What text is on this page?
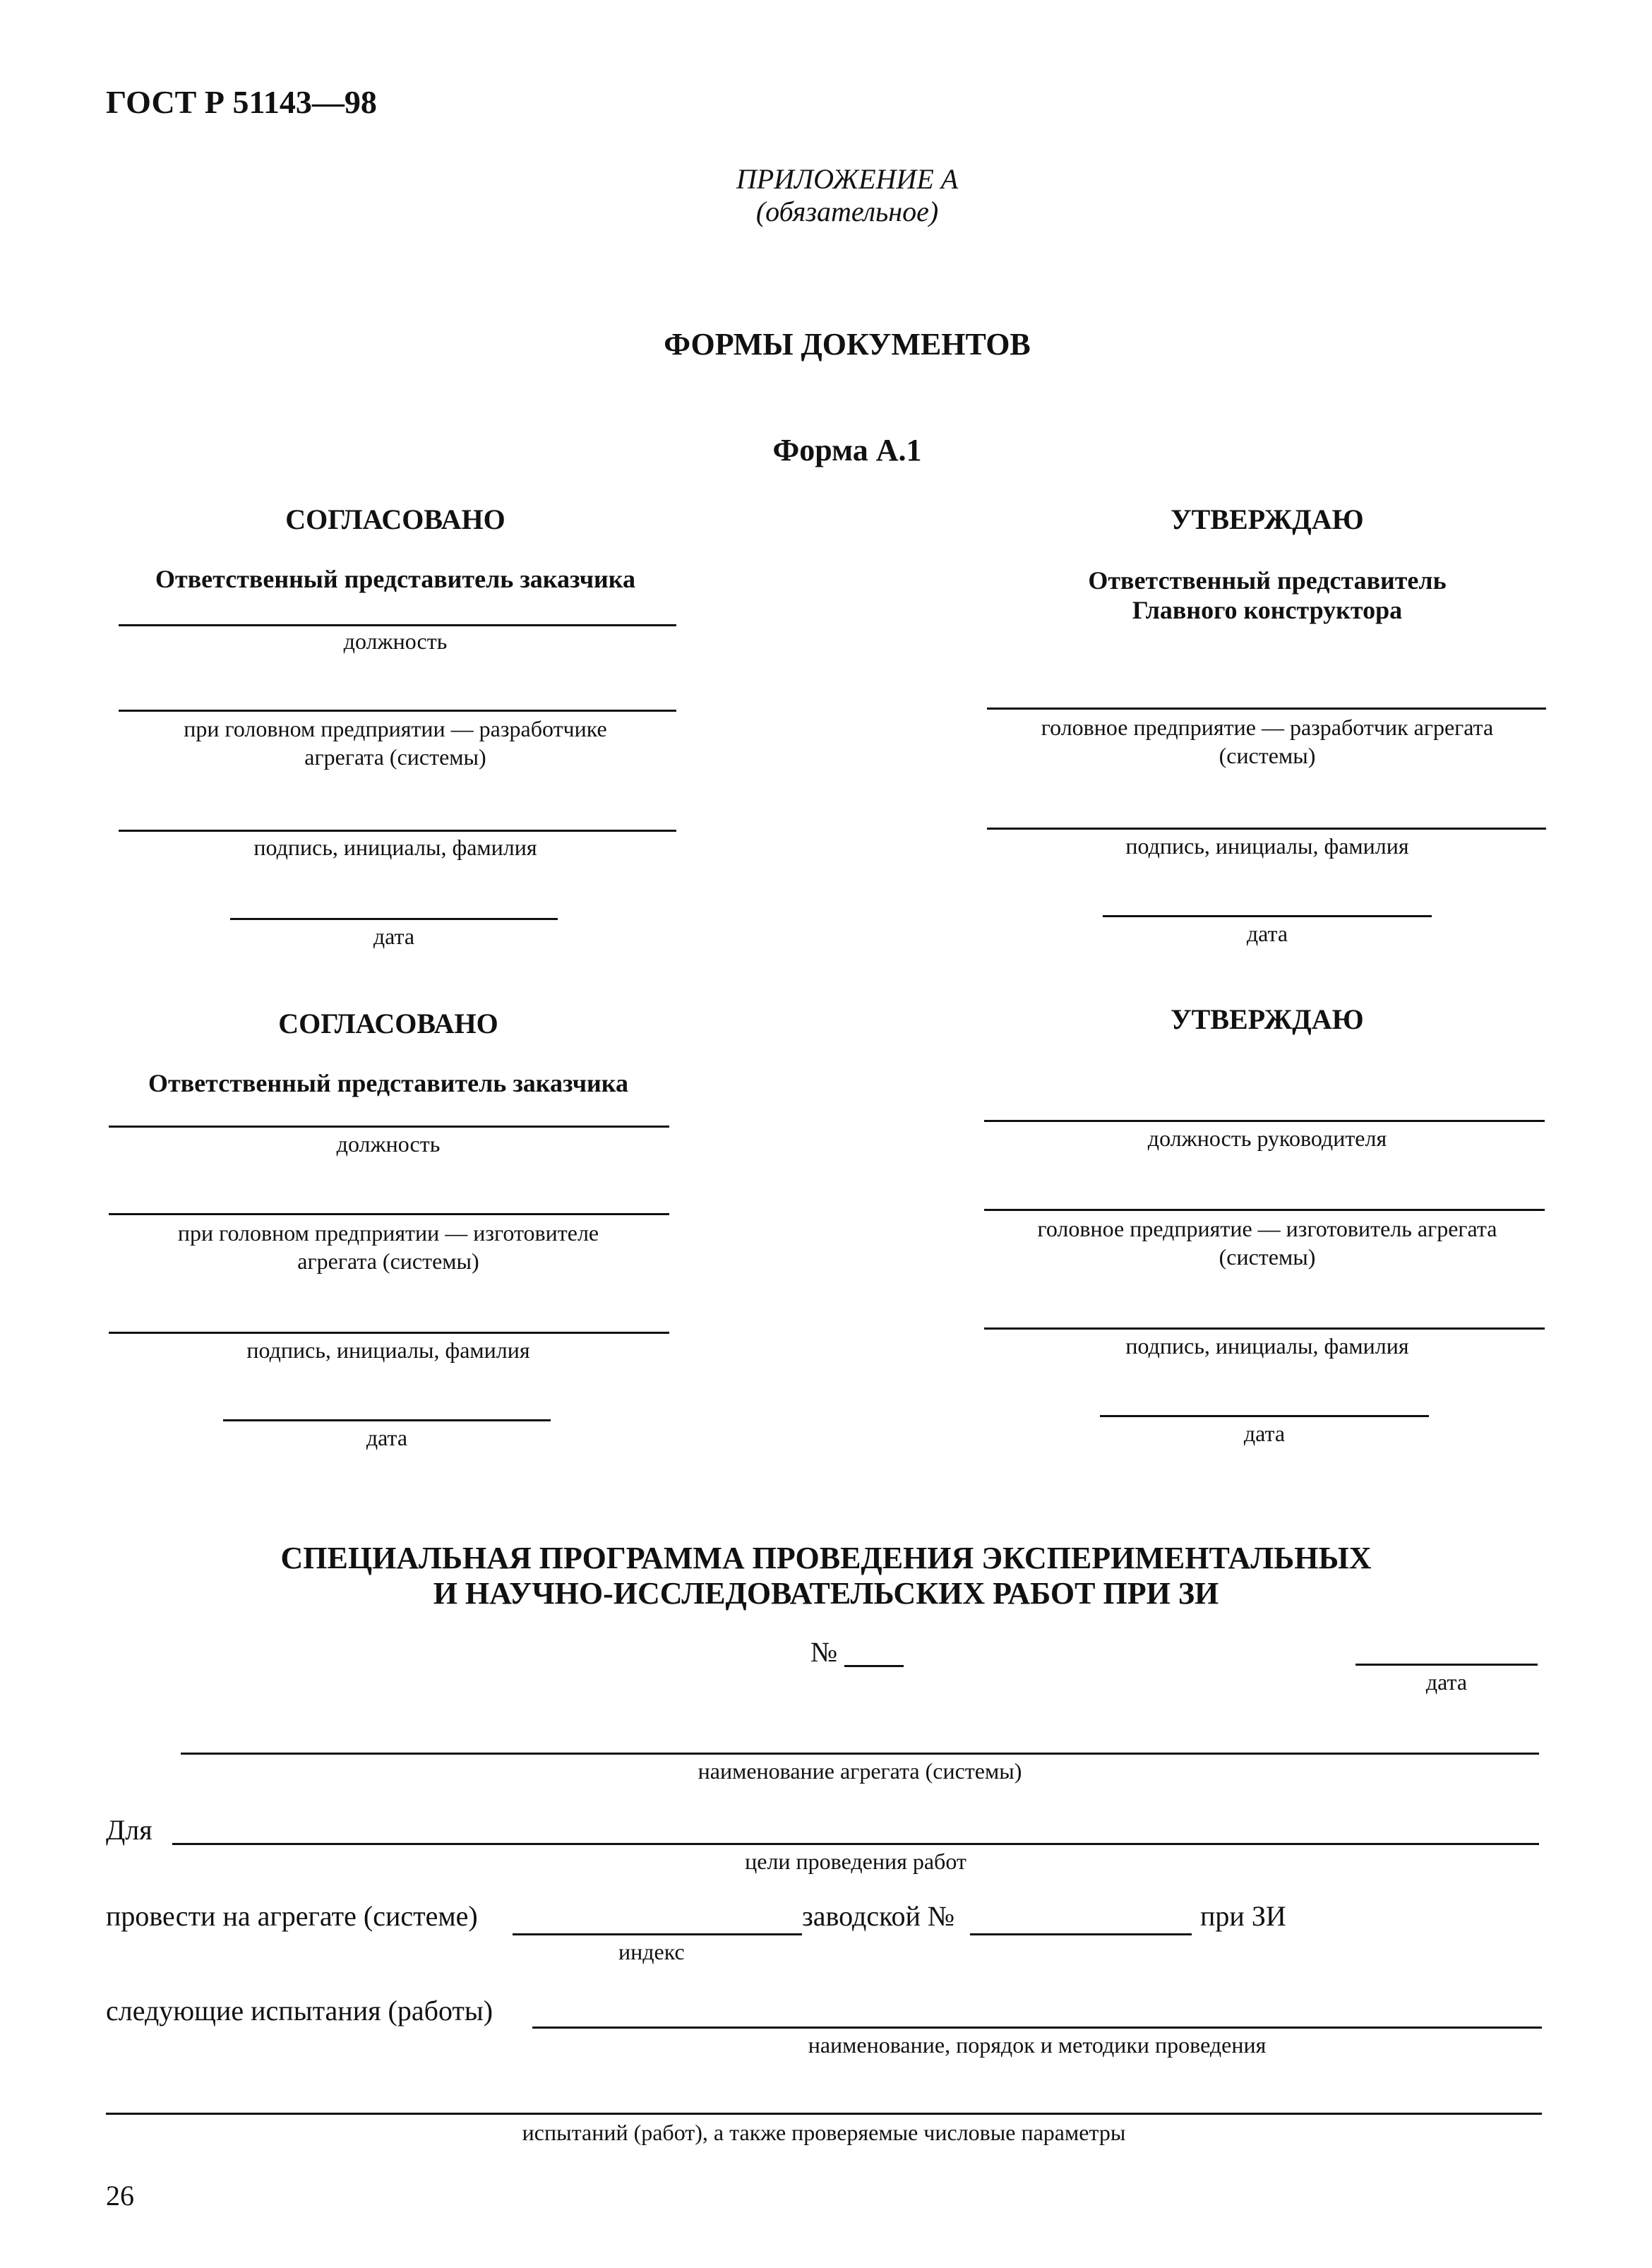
ГОСТ Р 51143—98
ПРИЛОЖЕНИЕ А
(обязательное)
ФОРМЫ ДОКУМЕНТОВ
Форма А.1
СОГЛАСОВАНО
Ответственный представитель заказчика
должность
при головном предприятии — разработчике
агрегата (системы)
подпись, инициалы, фамилия
дата
УТВЕРЖДАЮ
Ответственный представитель
Главного конструктора
головное предприятие — разработчик агрегата
(системы)
подпись, инициалы, фамилия
дата
СОГЛАСОВАНО
Ответственный представитель заказчика
должность
при головном предприятии — изготовителе
агрегата (системы)
подпись, инициалы, фамилия
дата
УТВЕРЖДАЮ
должность руководителя
головное предприятие — изготовитель агрегата
(системы)
подпись, инициалы, фамилия
дата
СПЕЦИАЛЬНАЯ ПРОГРАММА ПРОВЕДЕНИЯ ЭКСПЕРИМЕНТАЛЬНЫХ
И НАУЧНО-ИССЛЕДОВАТЕЛЬСКИХ РАБОТ ПРИ ЗИ
№
дата
наименование агрегата (системы)
Для
цели проведения работ
провести на агрегате (системе)	заводской №	при ЗИ
индекс
следующие испытания (работы)
наименование, порядок и методики проведения
испытаний (работ), а также проверяемые числовые параметры
26
